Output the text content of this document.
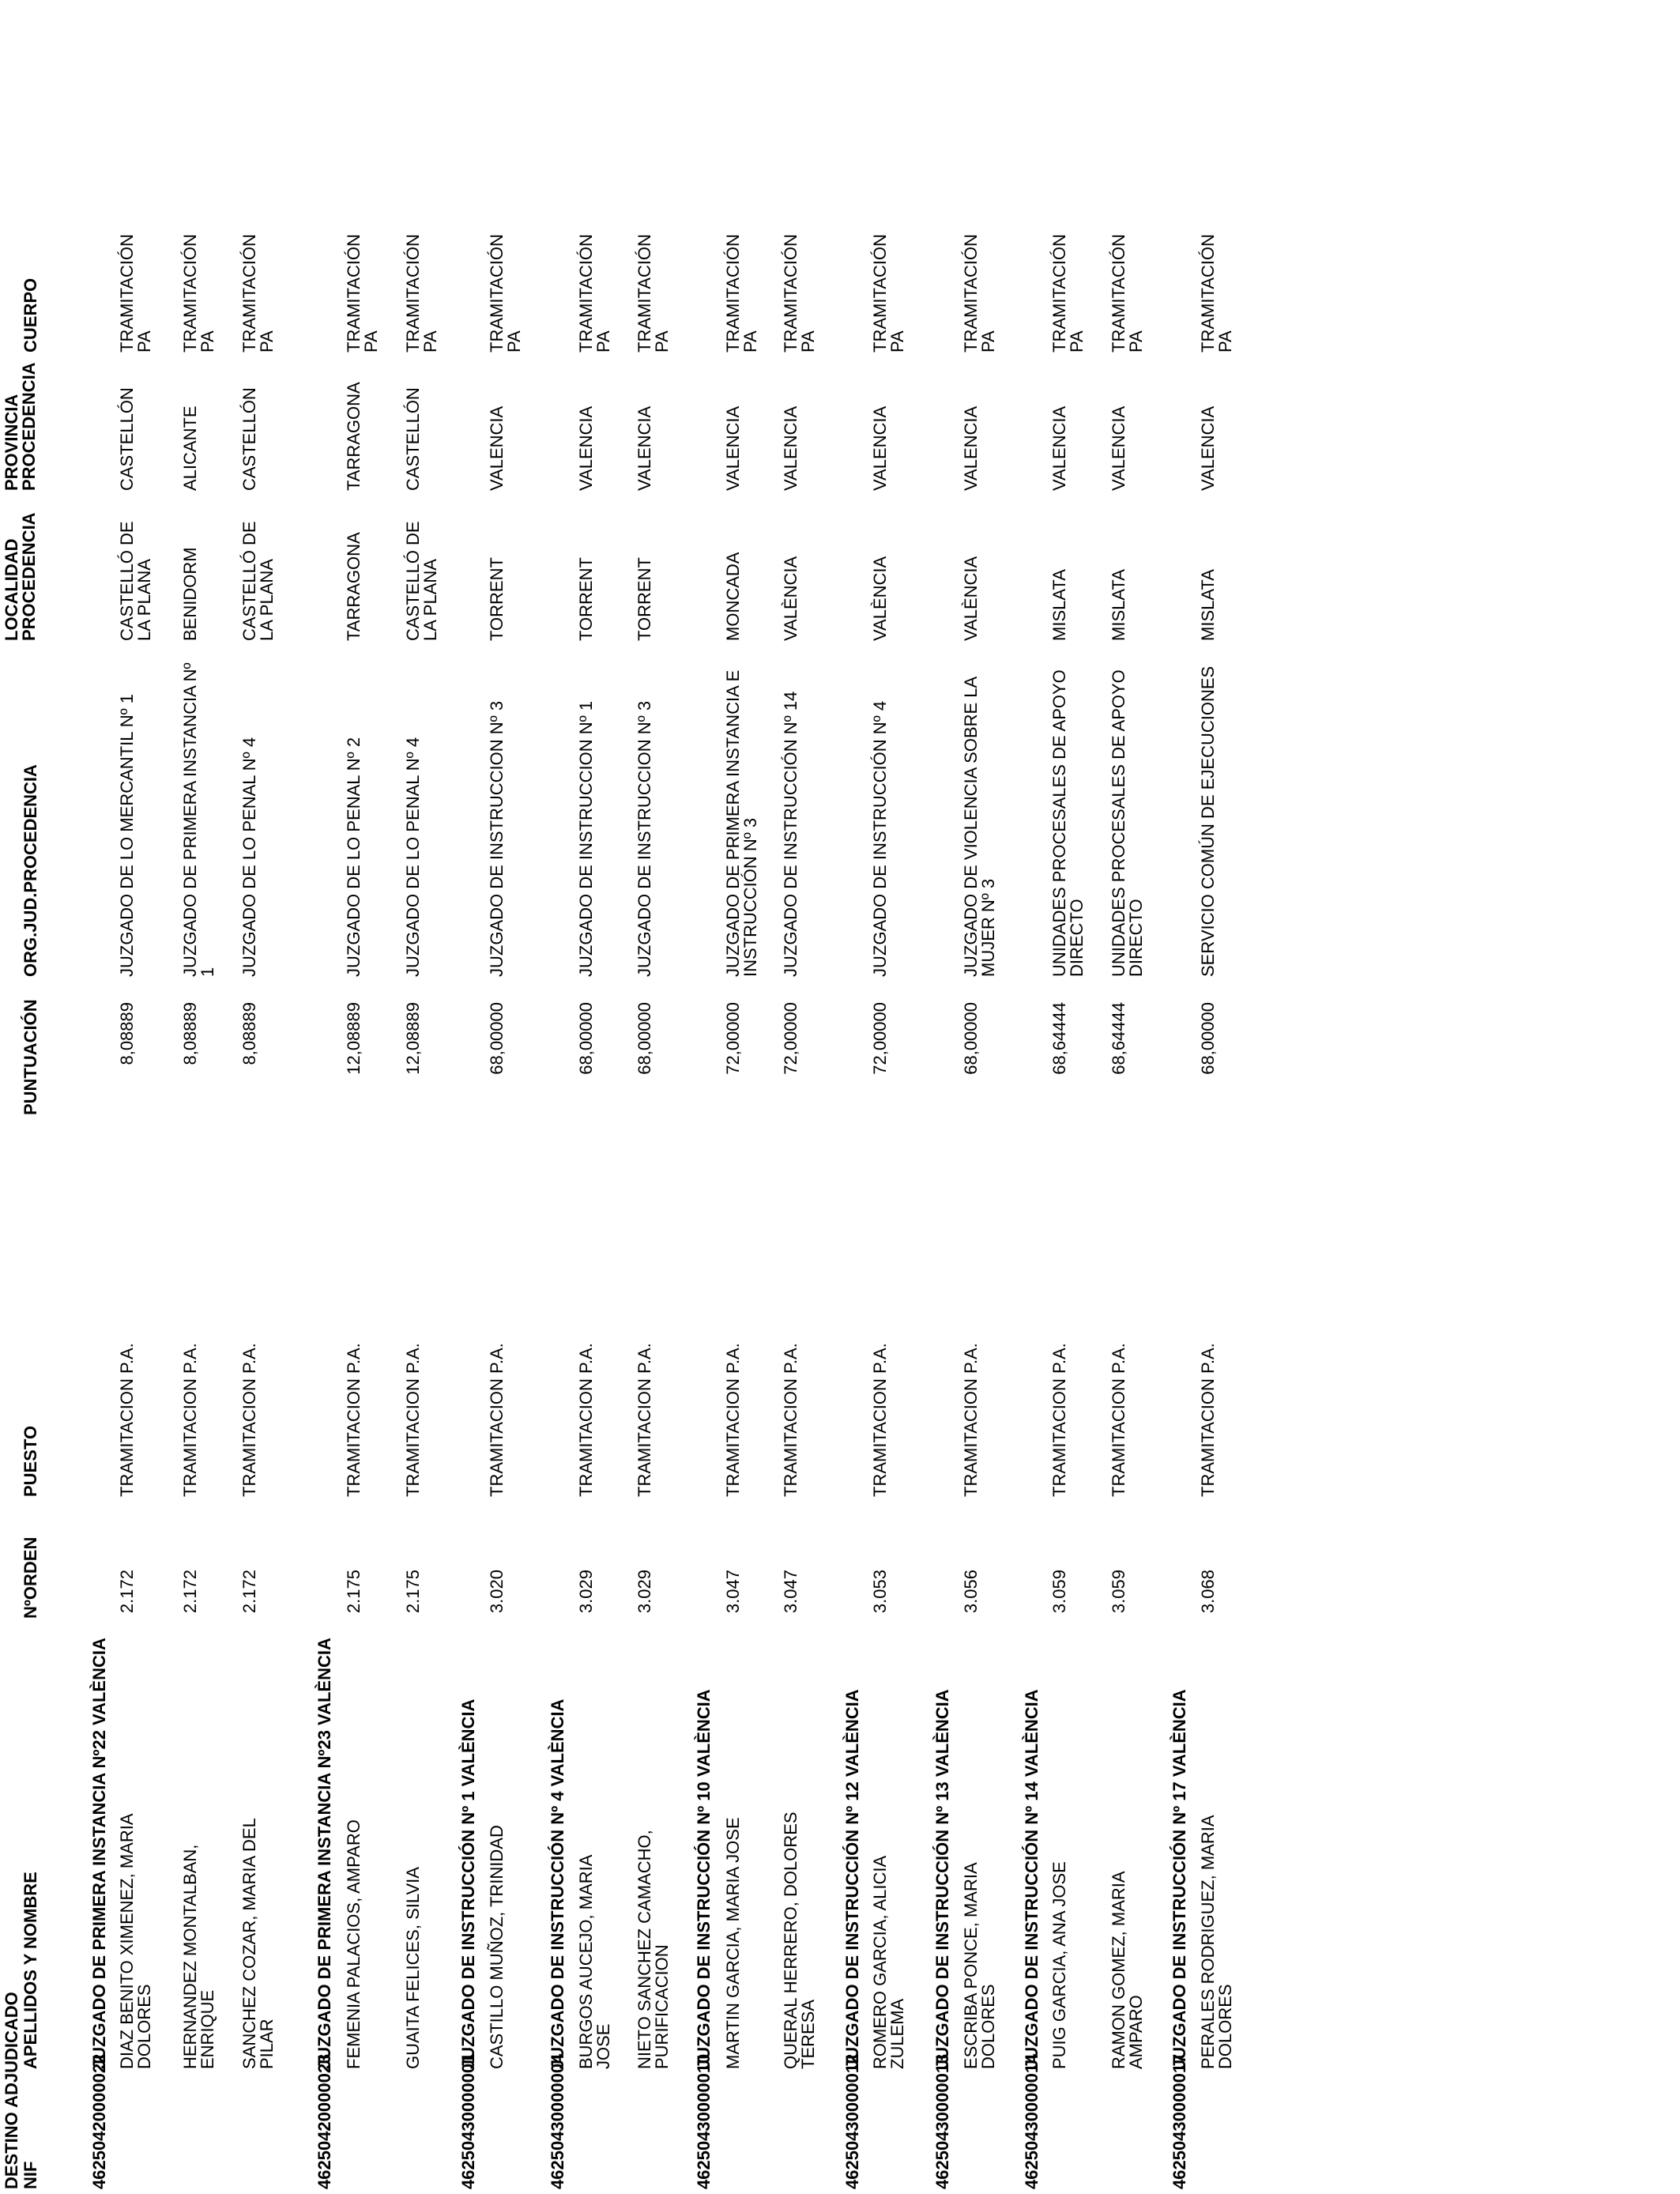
DESTINO ADJUDICADO NIF
APELLIDOS Y NOMBRE
NºORDEN
PUESTO
PUNTUACIÓN
ORG.JUD.PROCEDENCIA
LOCALIDAD PROCEDENCIA
PROVINCIA PROCEDENCIA
CUERPO
46250420000022
JUZGADO DE PRIMERA INSTANCIA Nº22 VALÈNCIA DIAZ BENITO XIMENEZ, MARIA DOLORES
2.172
TRAMITACION P.A.
8,08889
JUZGADO DE LO MERCANTIL Nº 1
CASTELLÓ DE LA PLANA
CASTELLÓN
TRAMITACIÓN PA
HERNANDEZ MONTALBAN, ENRIQUE
2.172
TRAMITACION P.A.
8,08889
JUZGADO DE PRIMERA INSTANCIA Nº 1
BENIDORM
ALICANTE
TRAMITACIÓN PA
SANCHEZ COZAR, MARIA DEL PILAR
2.172
TRAMITACION P.A.
8,08889
JUZGADO DE LO PENAL Nº 4
CASTELLÓ DE LA PLANA
CASTELLÓN
TRAMITACIÓN PA
46250420000023
JUZGADO DE PRIMERA INSTANCIA Nº23 VALÈNCIA FEMENIA PALACIOS, AMPARO
2.175
TRAMITACION P.A.
12,08889
JUZGADO DE LO PENAL Nº 2
TARRAGONA
TARRAGONA
TRAMITACIÓN PA
GUAITA FELICES, SILVIA
2.175
TRAMITACION P.A.
12,08889
JUZGADO DE LO PENAL Nº 4
CASTELLÓ DE LA PLANA
CASTELLÓN
TRAMITACIÓN PA
46250430000001
JUZGADO DE INSTRUCCIÓN Nº 1 VALÈNCIA CASTILLO MUÑOZ, TRINIDAD
3.020
TRAMITACION P.A.
68,00000
JUZGADO DE INSTRUCCION Nº 3
TORRENT
VALENCIA
TRAMITACIÓN PA
46250430000004
JUZGADO DE INSTRUCCIÓN Nº 4 VALÈNCIA BURGOS AUCEJO, MARIA JOSE
3.029
TRAMITACION P.A.
68,00000
JUZGADO DE INSTRUCCION Nº 1
TORRENT
VALENCIA
TRAMITACIÓN PA
NIETO SANCHEZ CAMACHO, PURIFICACION
3.029
TRAMITACION P.A.
68,00000
JUZGADO DE INSTRUCCION Nº 3
TORRENT
VALENCIA
TRAMITACIÓN PA
46250430000010
JUZGADO DE INSTRUCCIÓN Nº 10 VALÈNCIA MARTIN GARCIA, MARIA JOSE
3.047
TRAMITACION P.A.
72,00000
JUZGADO DE PRIMERA INSTANCIA E INSTRUCCIÓN Nº 3
MONCADA
VALENCIA
TRAMITACIÓN PA
QUERAL HERRERO, DOLORES TERESA
3.047
TRAMITACION P.A.
72,00000
JUZGADO DE INSTRUCCIÓN Nº 14
VALÈNCIA
VALENCIA
TRAMITACIÓN PA
46250430000012
JUZGADO DE INSTRUCCIÓN Nº 12 VALÈNCIA ROMERO GARCIA, ALICIA ZULEMA
3.053
TRAMITACION P.A.
72,00000
JUZGADO DE INSTRUCCIÓN Nº 4
VALÈNCIA
VALENCIA
TRAMITACIÓN PA
46250430000013
JUZGADO DE INSTRUCCIÓN Nº 13 VALÈNCIA ESCRIBA PONCE, MARIA DOLORES
3.056
TRAMITACION P.A.
68,00000
JUZGADO DE VIOLENCIA SOBRE LA MUJER Nº 3
VALÈNCIA
VALENCIA
TRAMITACIÓN PA
46250430000014
JUZGADO DE INSTRUCCIÓN Nº 14 VALÈNCIA PUIG GARCIA, ANA JOSE
3.059
TRAMITACION P.A.
68,64444
UNIDADES PROCESALES DE APOYO DIRECTO
MISLATA
VALENCIA
TRAMITACIÓN PA
RAMON GOMEZ, MARIA AMPARO
3.059
TRAMITACION P.A.
68,64444
UNIDADES PROCESALES DE APOYO DIRECTO
MISLATA
VALENCIA
TRAMITACIÓN PA
46250430000017
JUZGADO DE INSTRUCCIÓN Nº 17 VALÈNCIA PERALES RODRIGUEZ, MARIA DOLORES
3.068
TRAMITACION P.A.
68,00000
SERVICIO COMÚN DE EJECUCIONES
MISLATA
VALENCIA
TRAMITACIÓN PA
